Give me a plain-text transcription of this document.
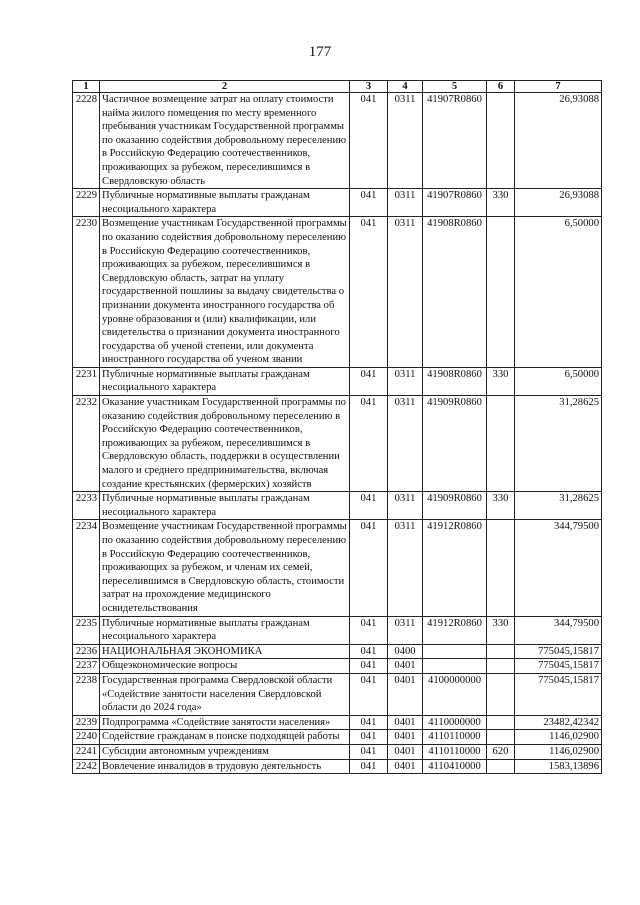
177
1	2	3	4	5	6	7
2228	Частичное возмещение затрат на оплату стоимости найма жилого помещения по месту временного пребывания участникам Государственной программы по оказанию содействия добровольному переселению в Российскую Федерацию соотечественников, проживающих за рубежом, переселившимся в Свердловскую область	041	0311	41907R0860		26,93088
2229	Публичные нормативные выплаты гражданам несоциального характера	041	0311	41907R0860	330	26,93088
2230	Возмещение участникам Государственной программы по оказанию содействия добровольному переселению в Российскую Федерацию соотечественников, проживающих за рубежом, переселившимся в Свердловскую область, затрат на уплату государственной пошлины за выдачу свидетельства о признании документа иностранного государства об уровне образования и (или) квалификации, или свидетельства о признании документа иностранного государства об ученой степени, или документа иностранного государства об ученом звании	041	0311	41908R0860		6,50000
2231	Публичные нормативные выплаты гражданам несоциального характера	041	0311	41908R0860	330	6,50000
2232	Оказание участникам Государственной программы по оказанию содействия добровольному переселению в Российскую Федерацию соотечественников, проживающих за рубежом, переселившимся в Свердловскую область, поддержки в осуществлении малого и среднего предпринимательства, включая создание крестьянских (фермерских) хозяйств	041	0311	41909R0860		31,28625
2233	Публичные нормативные выплаты гражданам несоциального характера	041	0311	41909R0860	330	31,28625
2234	Возмещение участникам Государственной программы по оказанию содействия добровольному переселению в Российскую Федерацию соотечественников, проживающих за рубежом, и членам их семей, переселившимся в Свердловскую область, стоимости затрат на прохождение медицинского освидетельствования	041	0311	41912R0860		344,79500
2235	Публичные нормативные выплаты гражданам несоциального характера	041	0311	41912R0860	330	344,79500
2236	НАЦИОНАЛЬНАЯ ЭКОНОМИКА	041	0400			775045,15817
2237	Общеэкономические вопросы	041	0401			775045,15817
2238	Государственная программа Свердловской области «Содействие занятости населения Свердловской области до 2024 года»	041	0401	4100000000		775045,15817
2239	Подпрограмма «Содействие занятости населения»	041	0401	4110000000		23482,42342
2240	Содействие гражданам в поиске подходящей работы	041	0401	4110110000		1146,02900
2241	Субсидии автономным учреждениям	041	0401	4110110000	620	1146,02900
2242	Вовлечение инвалидов в трудовую деятельность	041	0401	4110410000		1583,13896
